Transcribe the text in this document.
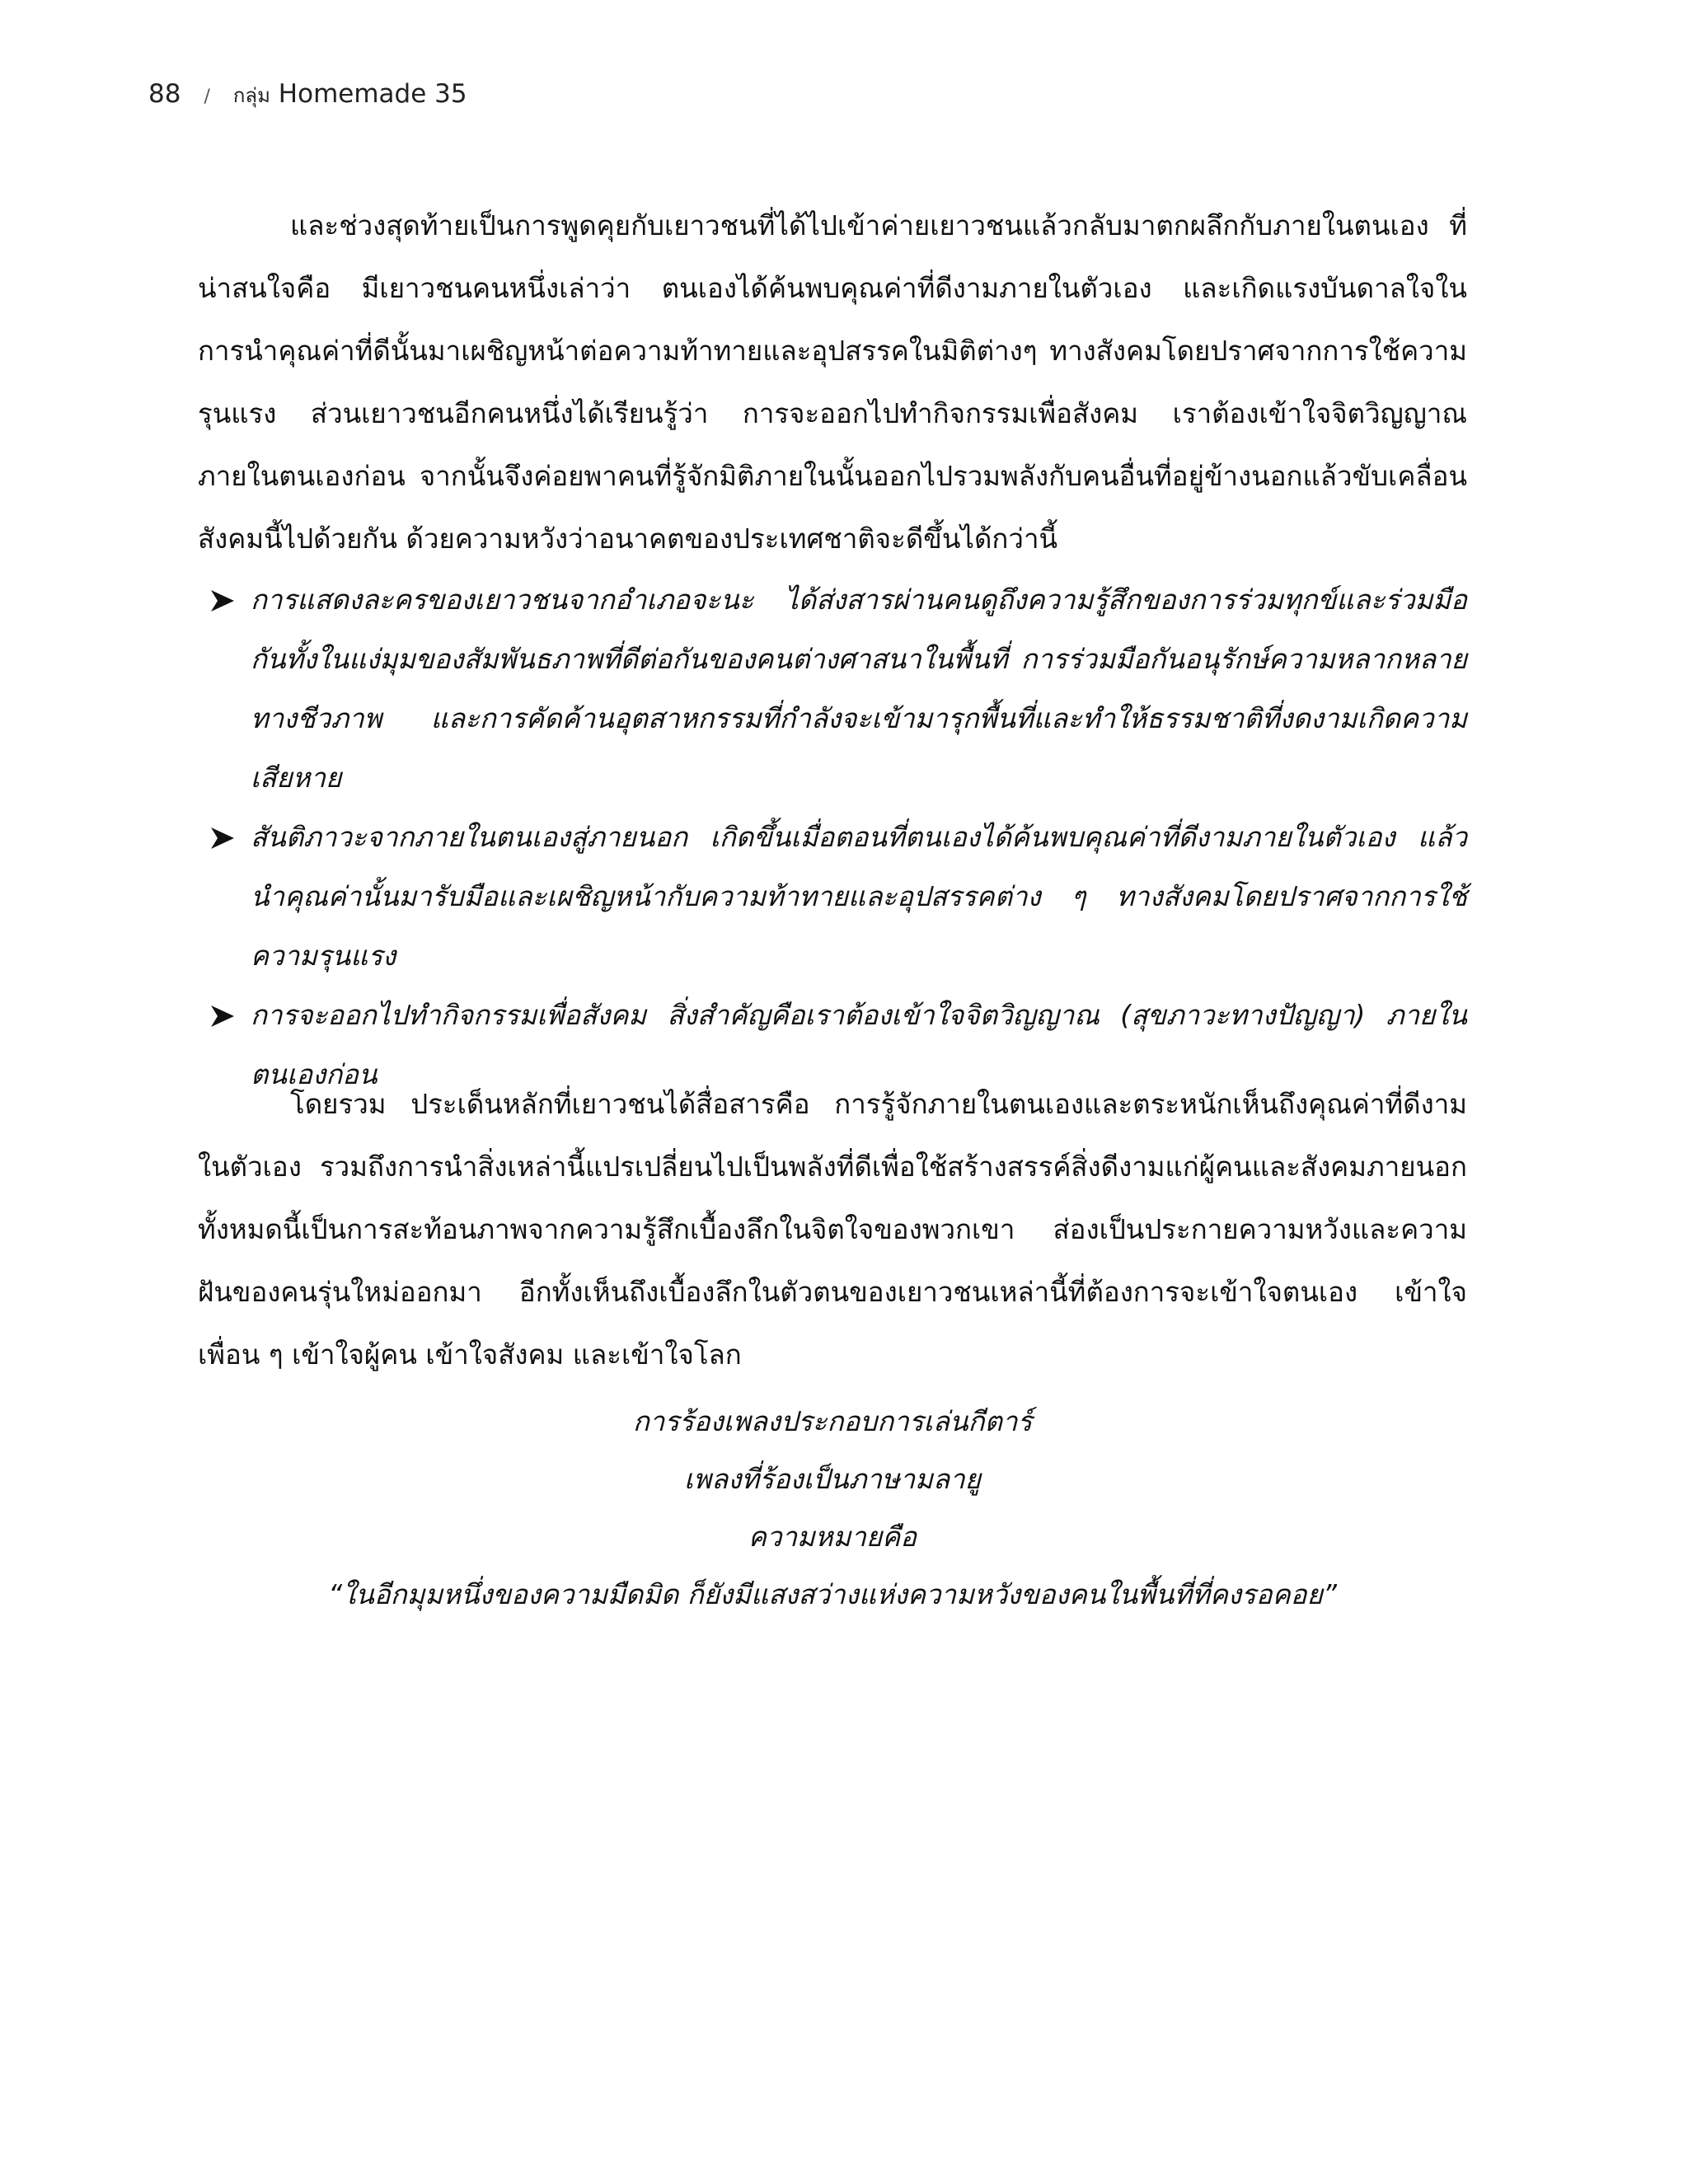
88 / กลุ่ม Homemade 35

และช่วงสุดท้ายเป็นการพูดคุยกับเยาวชนที่ได้ไปเข้าค่ายเยาวชนแล้วกลับมาตกผลึกกับภายในตนเอง ที่น่าสนใจคือ มีเยาวชนคนหนึ่งเล่าว่า ตนเองได้ค้นพบคุณค่าที่ดีงามภายในตัวเอง และเกิดแรงบันดาลใจในการนำคุณค่าที่ดีนั้นมาเผชิญหน้าต่อความท้าทายและอุปสรรคในมิติต่างๆ ทางสังคมโดยปราศจากการใช้ความรุนแรง ส่วนเยาวชนอีกคนหนึ่งได้เรียนรู้ว่า การจะออกไปทำกิจกรรมเพื่อสังคม เราต้องเข้าใจจิตวิญญาณภายในตนเองก่อน จากนั้นจึงค่อยพาคนที่รู้จักมิติภายในนั้นออกไปรวมพลังกับคนอื่นที่อยู่ข้างนอกแล้วขับเคลื่อนสังคมนี้ไปด้วยกัน ด้วยความหวังว่าอนาคตของประเทศชาติจะดีขึ้นได้กว่านี้

การแสดงละครของเยาวชนจากอำเภอจะนะ ได้ส่งสารผ่านคนดูถึงความรู้สึกของการร่วมทุกข์และร่วมมือกันทั้งในแง่มุมของสัมพันธภาพที่ดีต่อกันของคนต่างศาสนาในพื้นที่ การร่วมมือกันอนุรักษ์ความหลากหลายทางชีวภาพ และการคัดค้านอุตสาหกรรมที่กำลังจะเข้ามารุกพื้นที่และทำให้ธรรมชาติที่งดงามเกิดความเสียหาย
สันติภาวะจากภายในตนเองสู่ภายนอก เกิดขึ้นเมื่อตอนที่ตนเองได้ค้นพบคุณค่าที่ดีงามภายในตัวเอง แล้วนำคุณค่านั้นมารับมือและเผชิญหน้ากับความท้าทายและอุปสรรคต่าง ๆ ทางสังคมโดยปราศจากการใช้ความรุนแรง
การจะออกไปทำกิจกรรมเพื่อสังคม สิ่งสำคัญคือเราต้องเข้าใจจิตวิญญาณ (สุขภาวะทางปัญญา) ภายในตนเองก่อน

โดยรวม ประเด็นหลักที่เยาวชนได้สื่อสารคือ การรู้จักภายในตนเองและตระหนักเห็นถึงคุณค่าที่ดีงามในตัวเอง รวมถึงการนำสิ่งเหล่านี้แปรเปลี่ยนไปเป็นพลังที่ดีเพื่อใช้สร้างสรรค์สิ่งดีงามแก่ผู้คนและสังคมภายนอก ทั้งหมดนี้เป็นการสะท้อนภาพจากความรู้สึกเบื้องลึกในจิตใจของพวกเขา ส่องเป็นประกายความหวังและความฝันของคนรุ่นใหม่ออกมา อีกทั้งเห็นถึงเบื้องลึกในตัวตนของเยาวชนเหล่านี้ที่ต้องการจะเข้าใจตนเอง เข้าใจเพื่อน ๆ เข้าใจผู้คน เข้าใจสังคม และเข้าใจโลก

การร้องเพลงประกอบการเล่นกีตาร์
เพลงที่ร้องเป็นภาษามลายู
ความหมายคือ
“ในอีกมุมหนึ่งของความมืดมิด ก็ยังมีแสงสว่างแห่งความหวังของคนในพื้นที่ที่คงรอคอย”
